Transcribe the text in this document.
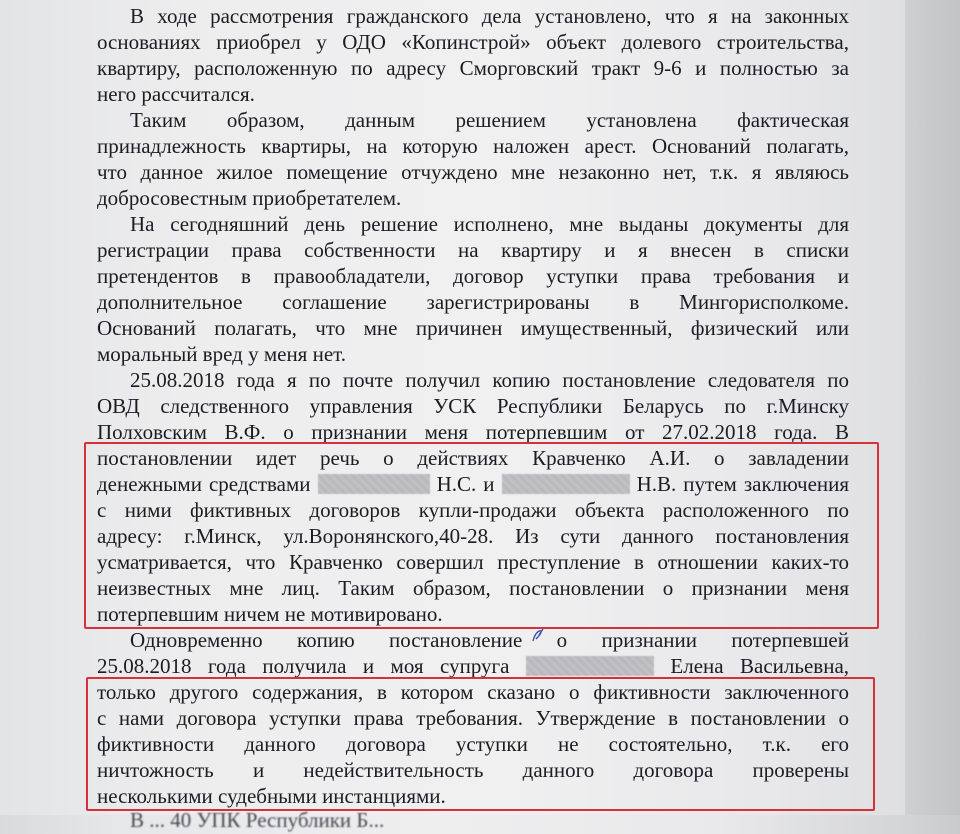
В ходе рассмотрения гражданского дела установлено, что я на законных
основаниях приобрел у ОДО «Копинстрой» объект долевого строительства,
квартиру, расположенную по адресу Сморговский тракт 9-6 и полностью за
него рассчитался.
Таким образом, данным решением установлена фактическая
принадлежность квартиры, на которую наложен арест. Оснований полагать,
что данное жилое помещение отчуждено мне незаконно нет, т.к. я являюсь
добросовестным приобретателем.
На сегодняшний день решение исполнено, мне выданы документы для
регистрации права собственности на квартиру и я внесен в списки
претендентов в правообладатели, договор уступки права требования и
дополнительное соглашение зарегистрированы в Мингорисполкоме.
Оснований полагать, что мне причинен имущественный, физический или
моральный вред у меня нет.
25.08.2018 года я по почте получил копию постановление следователя по
ОВД следственного управления УСК Республики Беларусь по г.Минску
Полховским В.Ф. о признании меня потерпевшим от 27.02.2018 года. В
постановлении идет речь о действиях Кравченко А.И. о завладении
денежными средствами	Н.С. и	Н.В. путем заключения
с ними фиктивных договоров купли-продажи объекта расположенного по
адресу: г.Минск, ул.Воронянского,40-28. Из сути данного постановления
усматривается, что Кравченко совершил преступление в отношении каких-то
неизвестных мне лиц. Таким образом, постановлении о признании меня
потерпевшим ничем не мотивировано.
Одновременно копию постановление о признании потерпевшей
25.08.2018 года получила и моя супруга	Елена Васильевна,
только другого содержания, в котором сказано о фиктивности заключенного
с нами договора уступки права требования. Утверждение в постановлении о
фиктивности данного договора уступки не состоятельно, т.к. его
ничтожность и недействительность данного договора проверены
несколькими судебными инстанциями.
В ... 40 УПК Республики Б...
